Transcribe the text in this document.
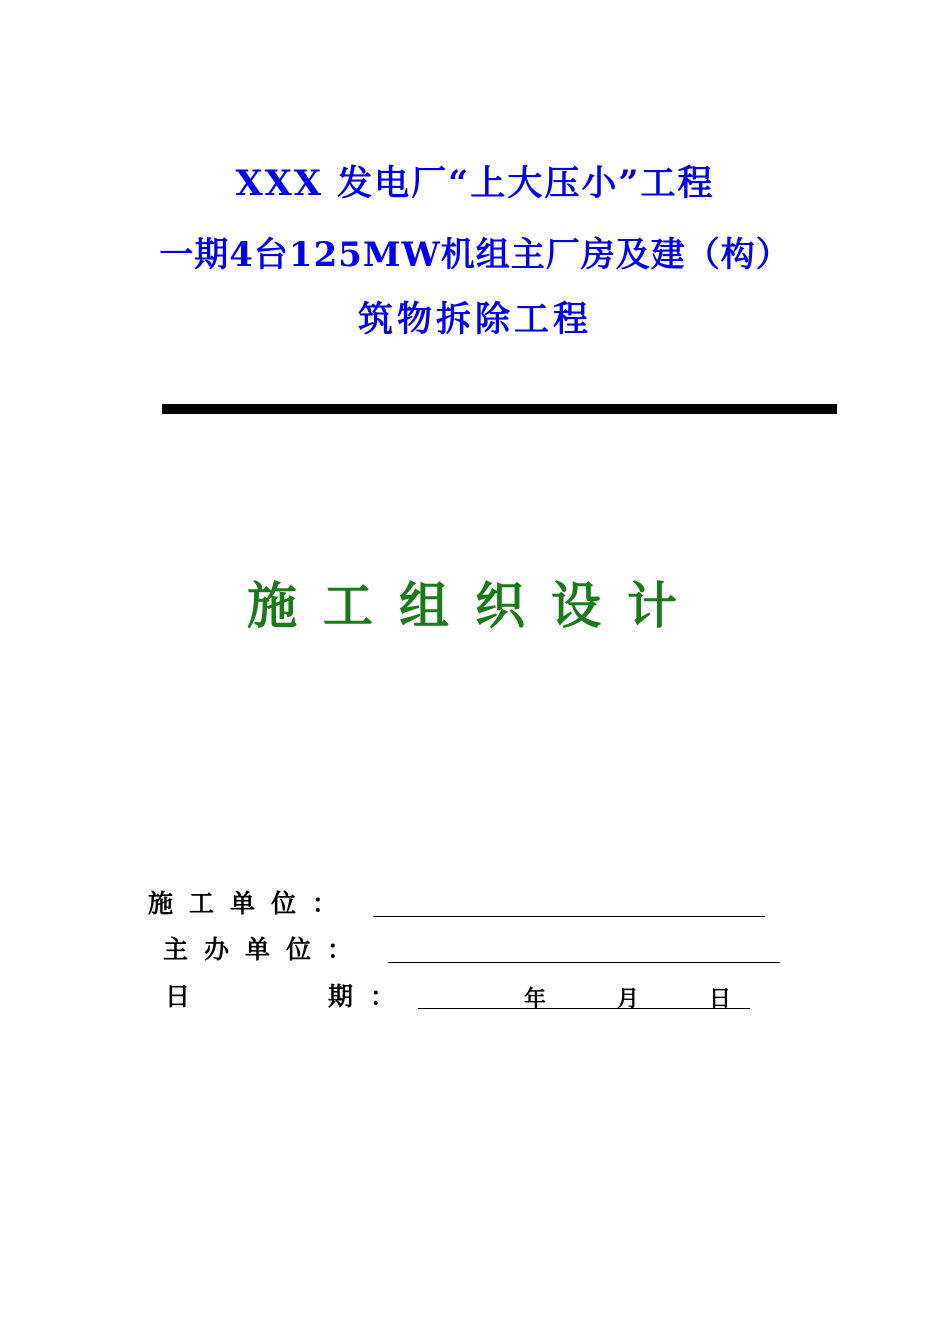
XXX 发电厂“上大压小”工程
一期4台125MW机组主厂房及建（构）
筑物拆除工程
施工组织设计
施工单位：
主办单位：
日	期 ：	年	月	日
